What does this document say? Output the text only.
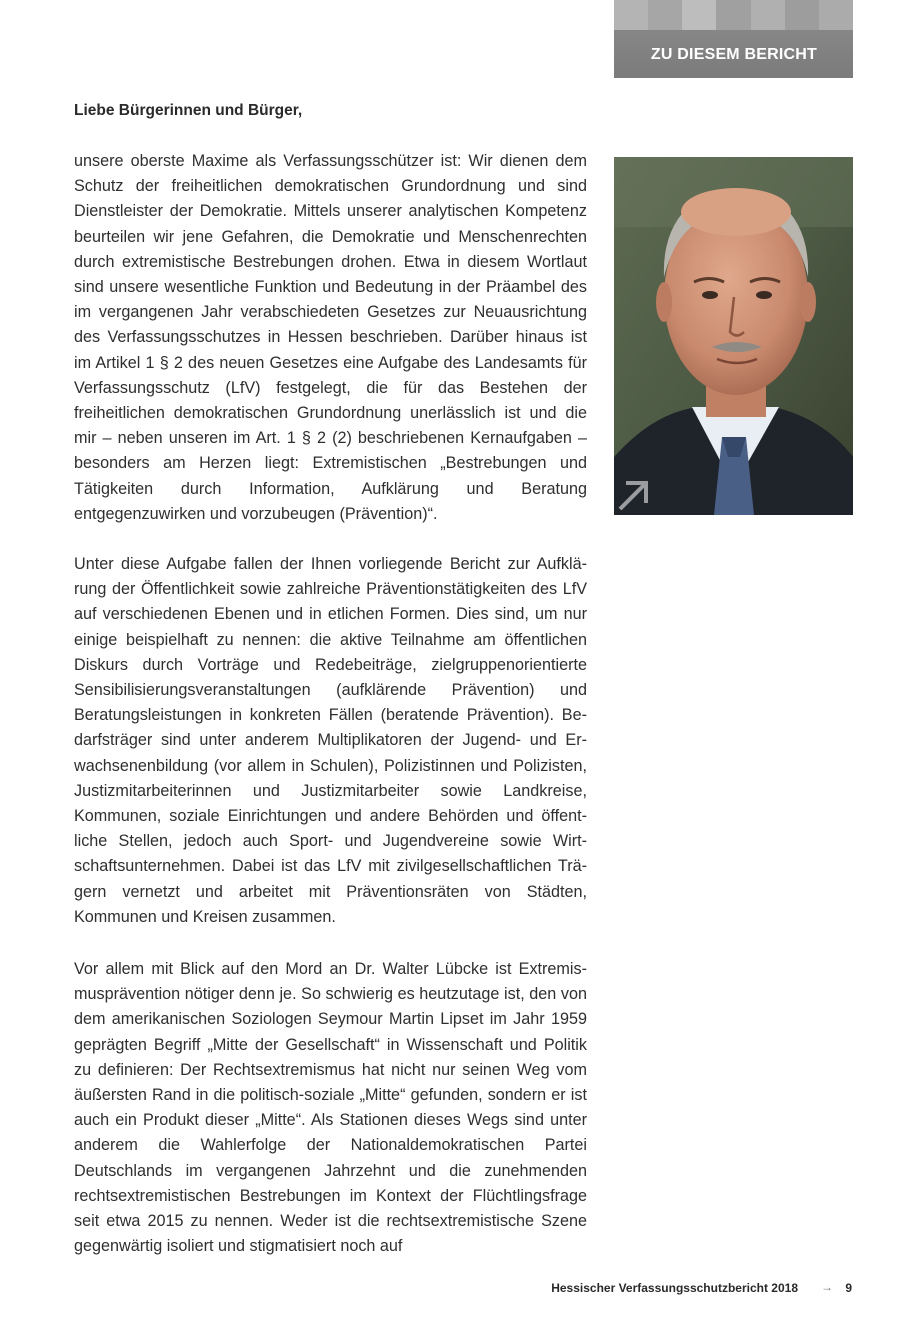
ZU DIESEM BERICHT
Liebe Bürgerinnen und Bürger,

unsere oberste Maxime als Verfassungsschützer ist: Wir dienen dem Schutz der freiheitlichen demokratischen Grundordnung und sind Dienstleister der Demokratie. Mittels unserer analytischen Kompetenz beurteilen wir jene Gefahren, die Demokratie und Menschenrechten durch extremistische Bestrebungen drohen. Etwa in diesem Wortlaut sind unsere wesentliche Funktion und Bedeutung in der Präambel des im vergangenen Jahr verabschiedeten Gesetzes zur Neuausrichtung des Verfassungsschutzes in Hessen beschrieben. Darüber hinaus ist im Artikel 1 § 2 des neuen Gesetzes eine Aufgabe des Landesamts für Verfassungsschutz (LfV) festgelegt, die für das Bestehen der freiheitlichen demokratischen Grundordnung unerlässlich ist und die mir – neben unseren im Art. 1 § 2 (2) beschriebenen Kernaufgaben – besonders am Herzen liegt: Extremistischen „Bestrebungen und Tätigkeiten durch Information, Aufklärung und Beratung entgegenzuwirken und vorzubeugen (Prävention)“.

Unter diese Aufgabe fallen der Ihnen vorliegende Bericht zur Aufklärung der Öffentlichkeit sowie zahlreiche Präventionstätigkeiten des LfV auf verschiedenen Ebenen und in etlichen Formen. Dies sind, um nur einige beispielhaft zu nennen: die aktive Teilnahme am öffentlichen Diskurs durch Vorträge und Redebeiträge, zielgruppenorientierte Sensibilisierungsveranstaltungen (aufklärende Prävention) und Beratungsleistungen in konkreten Fällen (beratende Prävention). Bedarfsträger sind unter anderem Multiplikatoren der Jugend- und Erwachsenenbildung (vor allem in Schulen), Polizistinnen und Polizisten, Justizmitarbeiterinnen und Justizmitarbeiter sowie Landkreise, Kommunen, soziale Einrichtungen und andere Behörden und öffentliche Stellen, jedoch auch Sport- und Jugendvereine sowie Wirtschaftsunternehmen. Dabei ist das LfV mit zivilgesellschaftlichen Trägern vernetzt und arbeitet mit Präventionsräten von Städten, Kommunen und Kreisen zusammen.

Vor allem mit Blick auf den Mord an Dr. Walter Lübcke ist Extremismusprävention nötiger denn je. So schwierig es heutzutage ist, den von dem amerikanischen Soziologen Seymour Martin Lipset im Jahr 1959 geprägten Begriff „Mitte der Gesellschaft“ in Wissenschaft und Politik zu definieren: Der Rechtsextremismus hat nicht nur seinen Weg vom äußersten Rand in die politisch-soziale „Mitte“ gefunden, sondern er ist auch ein Produkt dieser „Mitte“. Als Stationen dieses Wegs sind unter anderem die Wahlerfolge der Nationaldemokratischen Partei Deutschlands im vergangenen Jahrzehnt und die zunehmenden rechtsextremistischen Bestrebungen im Kontext der Flüchtlingsfrage seit etwa 2015 zu nennen. Weder ist die rechtsextremistische Szene gegenwärtig isoliert und stigmatisiert noch auf

Hessischer Verfassungsschutzbericht 2018 → 9
